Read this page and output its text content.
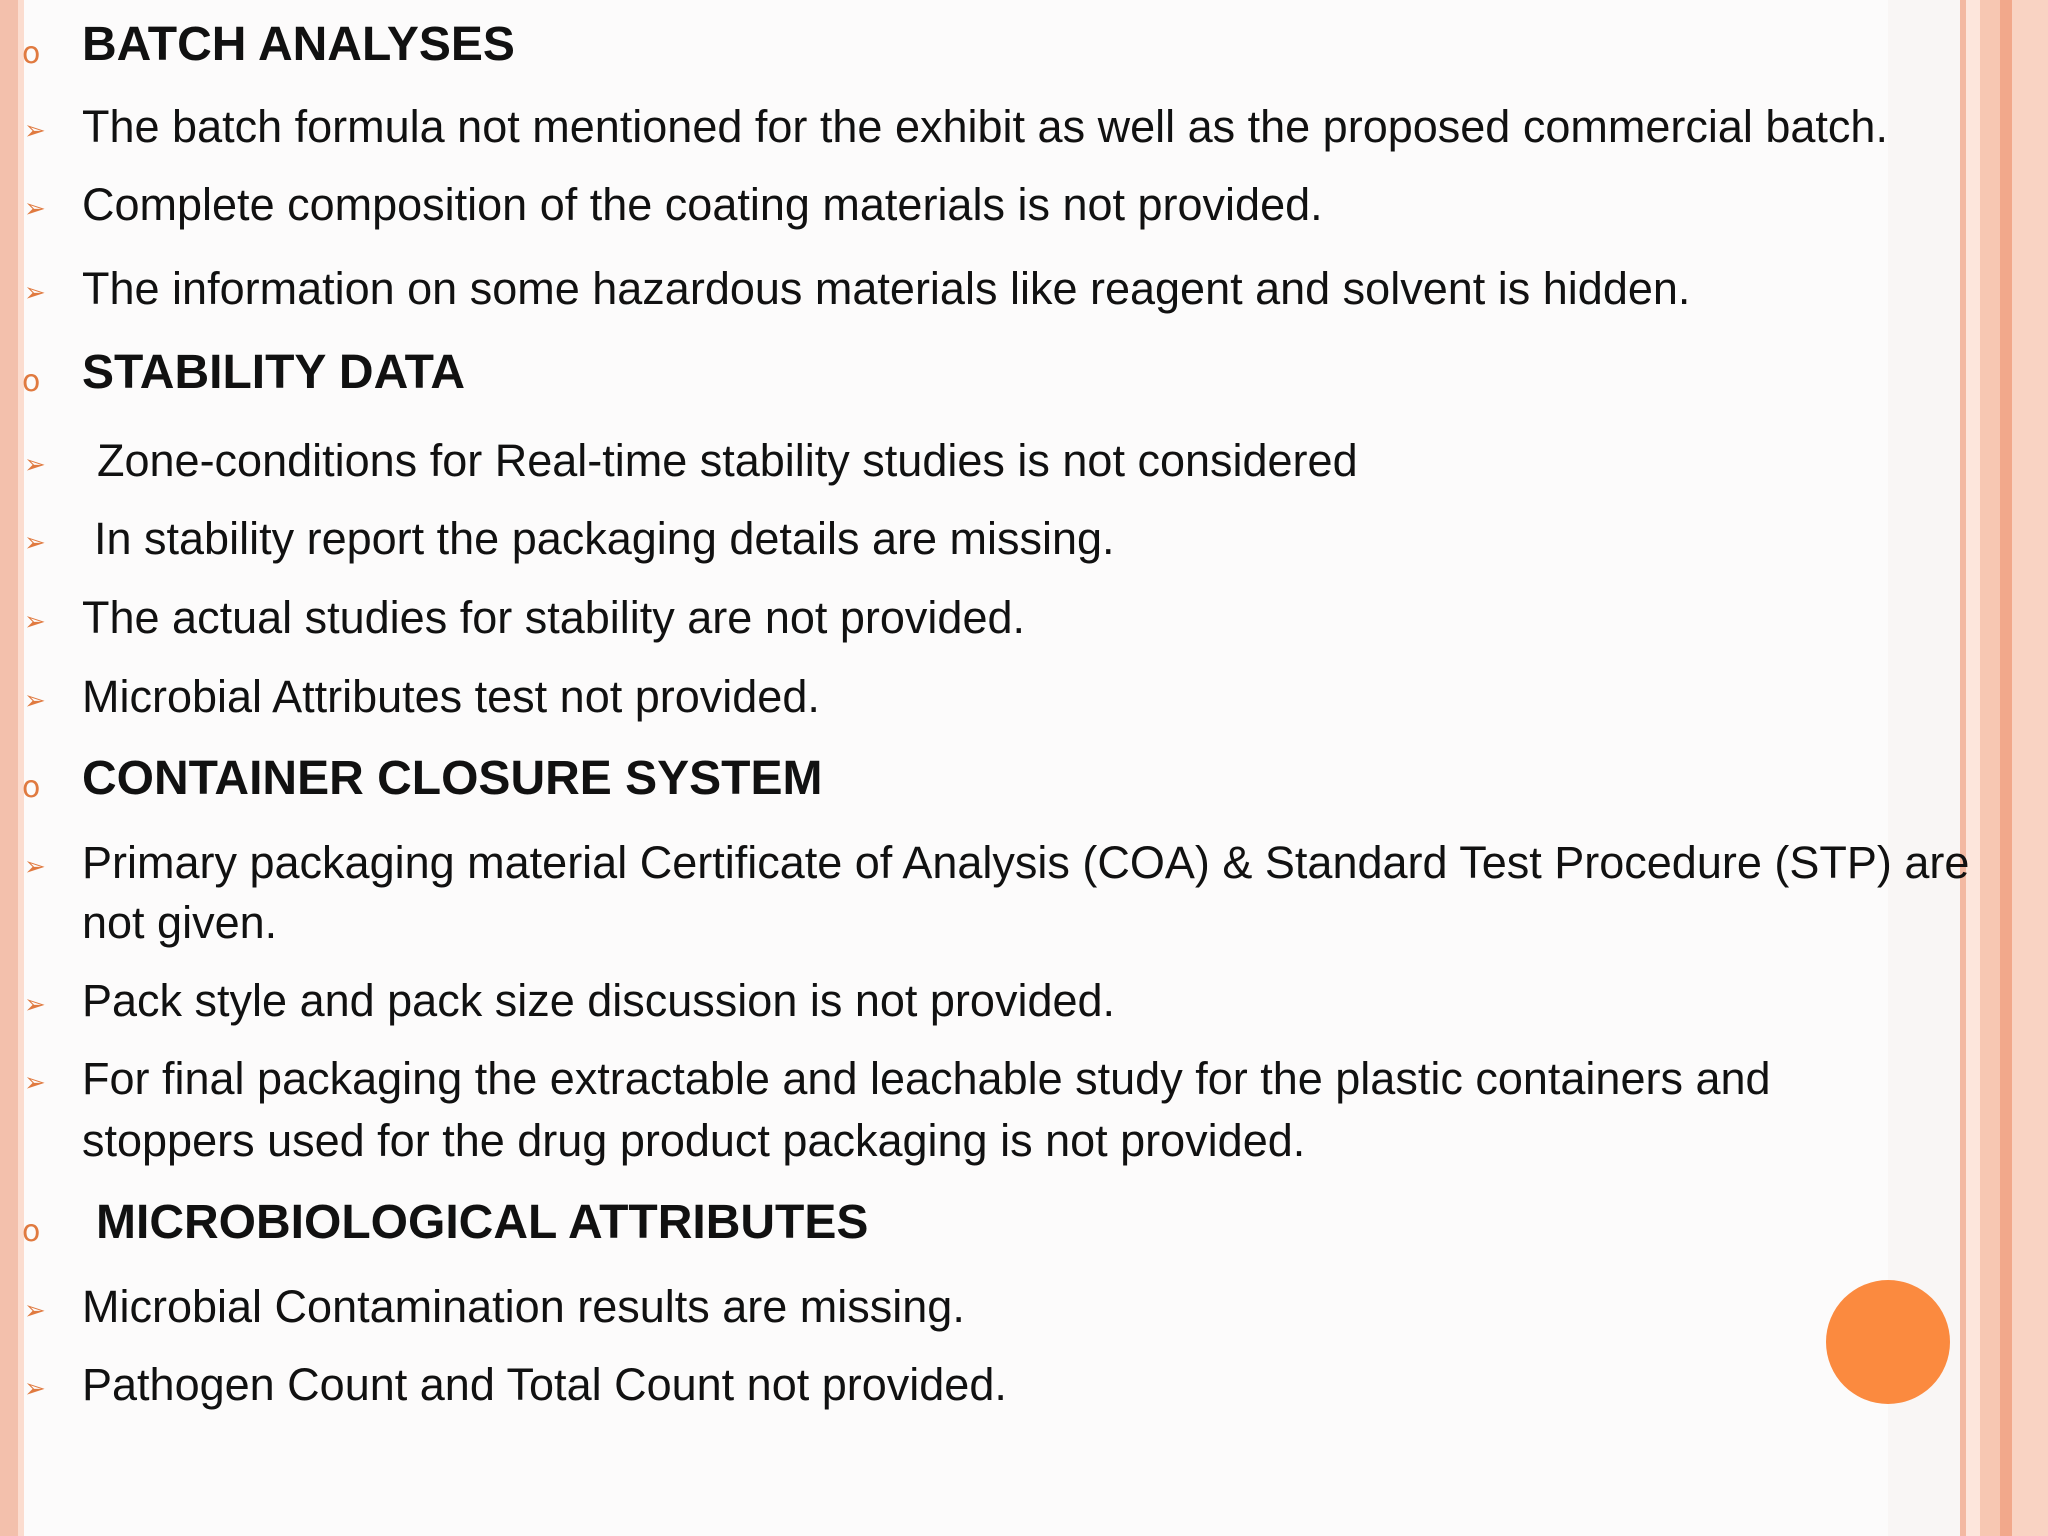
o BATCH ANALYSES
➢ The batch formula not mentioned for the exhibit as well as the proposed commercial batch.
➢ Complete composition of the coating materials is not provided.
➢ The information on some hazardous materials like reagent and solvent is hidden.
o STABILITY DATA
➢ Zone-conditions for Real-time stability studies is not considered
➢ In stability report the packaging details are missing.
➢ The actual studies for stability are not provided.
➢ Microbial Attributes test not provided.
o CONTAINER CLOSURE SYSTEM
➢ Primary packaging material Certificate of Analysis (COA) & Standard Test Procedure (STP) are
not given.
➢ Pack style and pack size discussion is not provided.
➢ For final packaging the extractable and leachable study for the plastic containers and
stoppers used for the drug product packaging is not provided.
o MICROBIOLOGICAL ATTRIBUTES
➢ Microbial Contamination results are missing.
➢ Pathogen Count and Total Count not provided.
